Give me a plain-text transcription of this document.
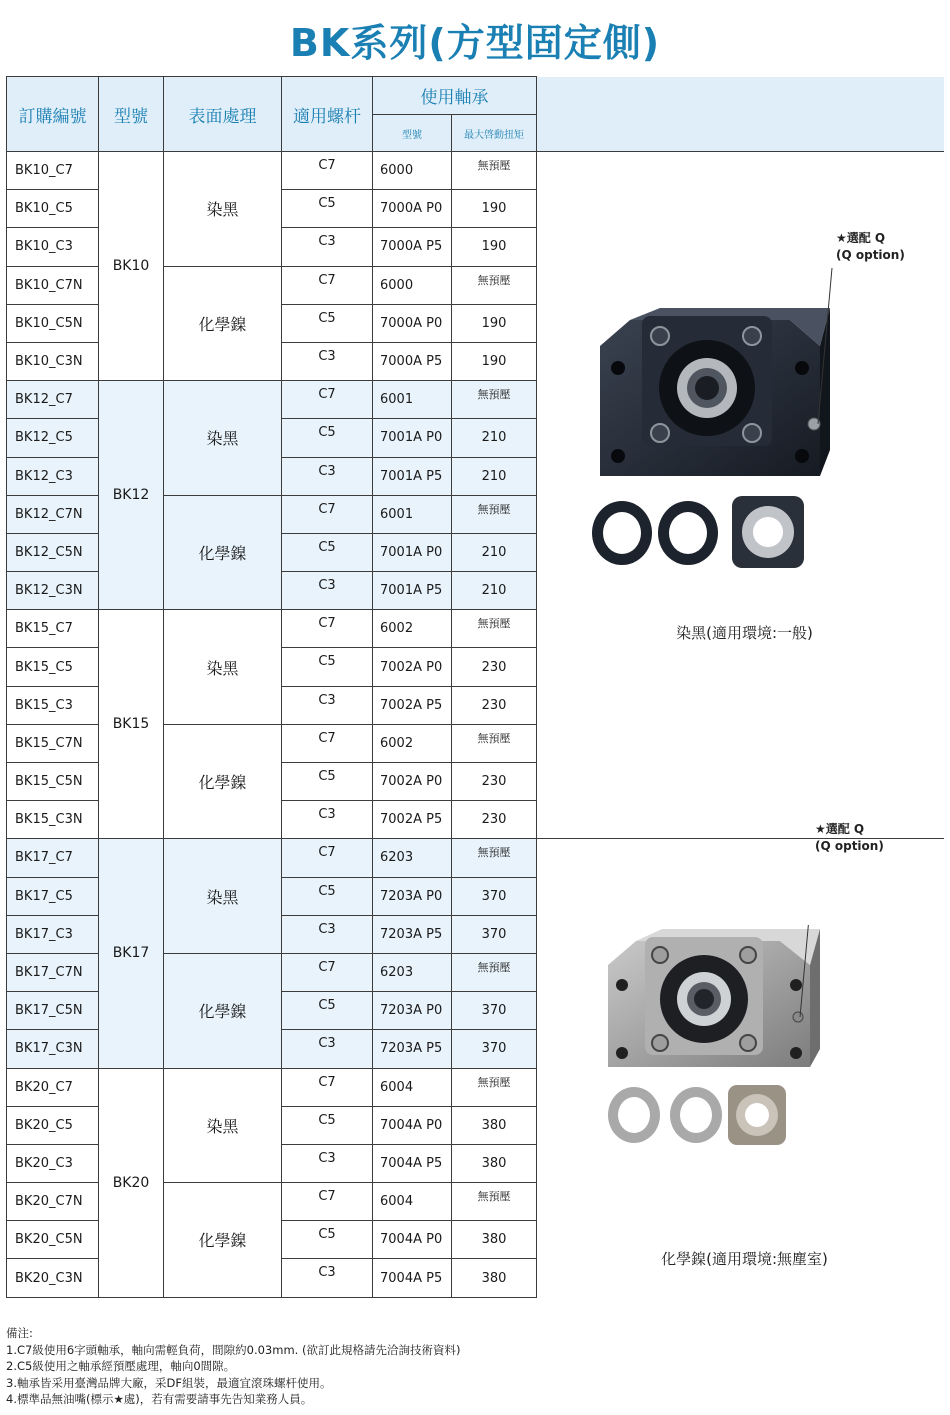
BK系列(方型固定側)
訂購編號	型號	表面處理	適用螺杆	使用軸承		
				型號	最大啓動扭矩	
BK10_C7	BK10	染黑	C7	6000	無預壓	
BK10_C5			C5	7000A P0	190	
BK10_C3			C3	7000A P5	190	
BK10_C7N		化學鎳	C7	6000	無預壓	
BK10_C5N			C5	7000A P0	190	
BK10_C3N			C3	7000A P5	190	
BK12_C7	BK12	染黑	C7	6001	無預壓	
BK12_C5			C5	7001A P0	210	
BK12_C3			C3	7001A P5	210	
BK12_C7N		化學鎳	C7	6001	無預壓	
BK12_C5N			C5	7001A P0	210	
BK12_C3N			C3	7001A P5	210	
BK15_C7	BK15	染黑	C7	6002	無預壓	
BK15_C5			C5	7002A P0	230	
BK15_C3			C3	7002A P5	230	
BK15_C7N		化學鎳	C7	6002	無預壓	
BK15_C5N			C5	7002A P0	230	
BK15_C3N			C3	7002A P5	230	
BK17_C7	BK17	染黑	C7	6203	無預壓	
BK17_C5			C5	7203A P0	370	
BK17_C3			C3	7203A P5	370	
BK17_C7N		化學鎳	C7	6203	無預壓	
BK17_C5N			C5	7203A P0	370	
BK17_C3N			C3	7203A P5	370	
BK20_C7	BK20	染黑	C7	6004	無預壓	
BK20_C5			C5	7004A P0	380	
BK20_C3			C3	7004A P5	380	
BK20_C7N		化學鎳	C7	6004	無預壓	
BK20_C5N			C5	7004A P0	380	
BK20_C3N			C3	7004A P5	380	
備注:
1.C7級使用6字頭軸承，軸向需輕負荷，間隙約0.03mm. (欲訂此規格請先洽詢技術資料)
2.C5級使用之軸承經預壓處理，軸向0間隙。
3.軸承皆采用臺灣品牌大廠，采DF組裝，最適宜滾珠螺杆使用。
4.標準品無油嘴(標示★處)，若有需要請事先告知業務人員。
★選配 Q
(Q option)
★選配 Q
(Q option)
染黑(適用環境:一般)
化學鎳(適用環境:無塵室)
